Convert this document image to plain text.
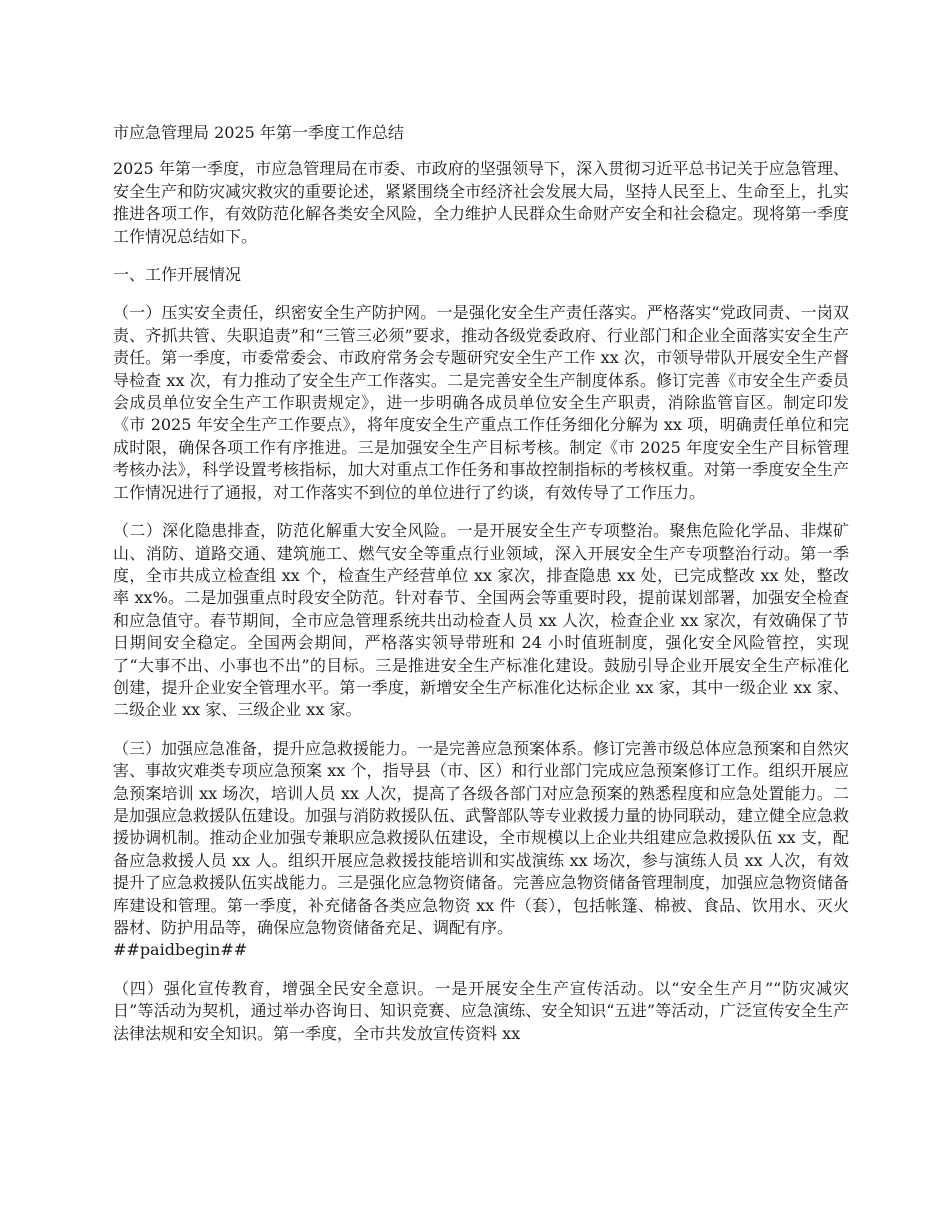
市应急管理局 2025 年第一季度工作总结

2025 年第一季度，市应急管理局在市委、市政府的坚强领导下，深入贯彻习近平总书记关于应急管理、安全生产和防灾减灾救灾的重要论述，紧紧围绕全市经济社会发展大局，坚持人民至上、生命至上，扎实推进各项工作，有效防范化解各类安全风险，全力维护人民群众生命财产安全和社会稳定。现将第一季度工作情况总结如下。

一、工作开展情况

（一）压实安全责任，织密安全生产防护网。一是强化安全生产责任落实。严格落实“党政同责、一岗双责、齐抓共管、失职追责”和“三管三必须”要求，推动各级党委政府、行业部门和企业全面落实安全生产责任。第一季度，市委常委会、市政府常务会专题研究安全生产工作 xx 次，市领导带队开展安全生产督导检查 xx 次，有力推动了安全生产工作落实。二是完善安全生产制度体系。修订完善《市安全生产委员会成员单位安全生产工作职责规定》，进一步明确各成员单位安全生产职责，消除监管盲区。制定印发《市 2025 年安全生产工作要点》，将年度安全生产重点工作任务细化分解为 xx 项，明确责任单位和完成时限，确保各项工作有序推进。三是加强安全生产目标考核。制定《市 2025 年度安全生产目标管理考核办法》，科学设置考核指标，加大对重点工作任务和事故控制指标的考核权重。对第一季度安全生产工作情况进行了通报，对工作落实不到位的单位进行了约谈，有效传导了工作压力。

（二）深化隐患排查，防范化解重大安全风险。一是开展安全生产专项整治。聚焦危险化学品、非煤矿山、消防、道路交通、建筑施工、燃气安全等重点行业领域，深入开展安全生产专项整治行动。第一季度，全市共成立检查组 xx 个，检查生产经营单位 xx 家次，排查隐患 xx 处，已完成整改 xx 处，整改率 xx%。二是加强重点时段安全防范。针对春节、全国两会等重要时段，提前谋划部署，加强安全检查和应急值守。春节期间，全市应急管理系统共出动检查人员 xx 人次，检查企业 xx 家次，有效确保了节日期间安全稳定。全国两会期间，严格落实领导带班和 24 小时值班制度，强化安全风险管控，实现了“大事不出、小事也不出”的目标。三是推进安全生产标准化建设。鼓励引导企业开展安全生产标准化创建，提升企业安全管理水平。第一季度，新增安全生产标准化达标企业 xx 家，其中一级企业 xx 家、二级企业 xx 家、三级企业 xx 家。

（三）加强应急准备，提升应急救援能力。一是完善应急预案体系。修订完善市级总体应急预案和自然灾害、事故灾难类专项应急预案 xx 个，指导县（市、区）和行业部门完成应急预案修订工作。组织开展应急预案培训 xx 场次，培训人员 xx 人次，提高了各级各部门对应急预案的熟悉程度和应急处置能力。二是加强应急救援队伍建设。加强与消防救援队伍、武警部队等专业救援力量的协同联动，建立健全应急救援协调机制。推动企业加强专兼职应急救援队伍建设，全市规模以上企业共组建应急救援队伍 xx 支，配备应急救援人员 xx 人。组织开展应急救援技能培训和实战演练 xx 场次，参与演练人员 xx 人次，有效提升了应急救援队伍实战能力。三是强化应急物资储备。完善应急物资储备管理制度，加强应急物资储备库建设和管理。第一季度，补充储备各类应急物资 xx 件（套），包括帐篷、棉被、食品、饮用水、灭火器材、防护用品等，确保应急物资储备充足、调配有序。
##paidbegin##

（四）强化宣传教育，增强全民安全意识。一是开展安全生产宣传活动。以“安全生产月”“防灾减灾日”等活动为契机，通过举办咨询日、知识竞赛、应急演练、安全知识“五进”等活动，广泛宣传安全生产法律法规和安全知识。第一季度，全市共发放宣传资料 xx
